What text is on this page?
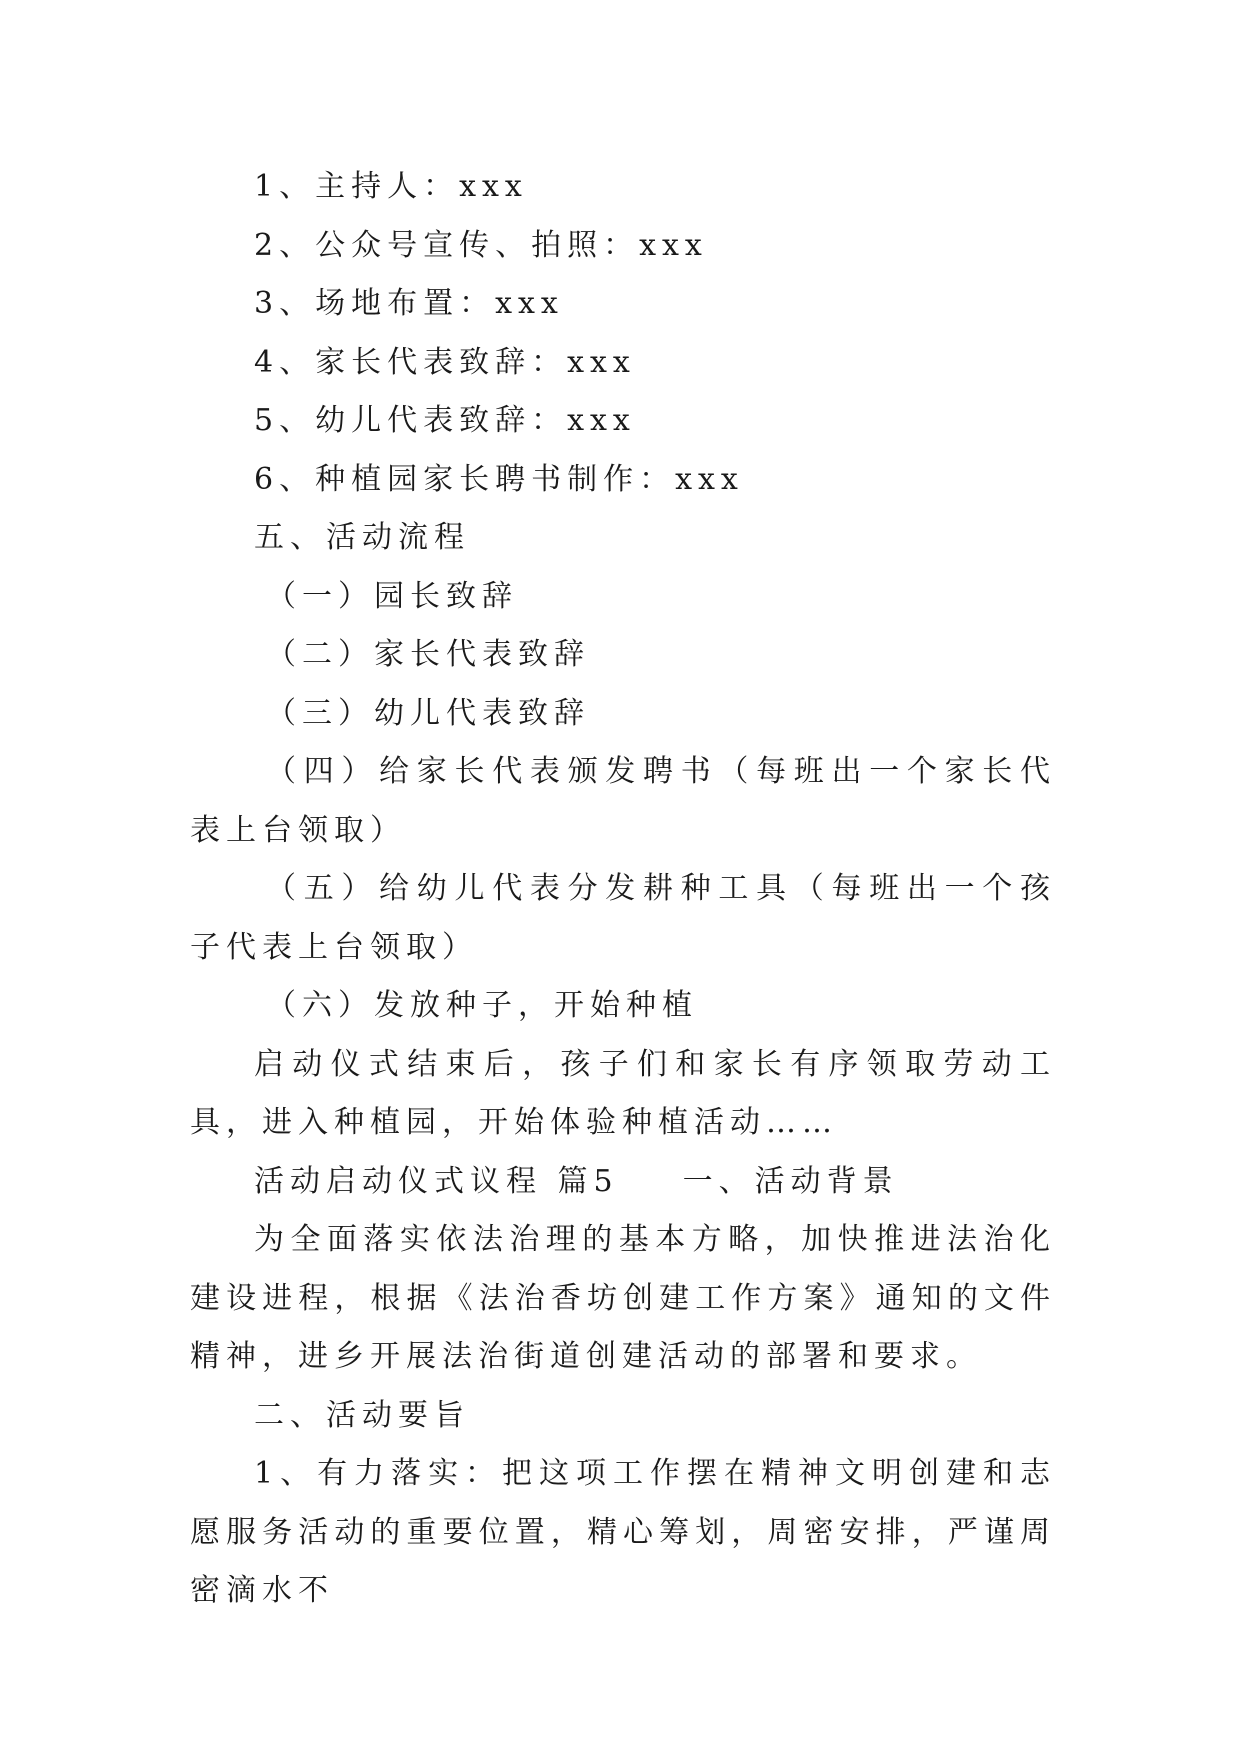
1、主持人：xxx

2、公众号宣传、拍照：xxx

3、场地布置：xxx

4、家长代表致辞：xxx

5、幼儿代表致辞：xxx

6、种植园家长聘书制作：xxx

五、活动流程

（一）园长致辞

（二）家长代表致辞

（三）幼儿代表致辞

（四）给家长代表颁发聘书（每班出一个家长代表上台领取）

（五）给幼儿代表分发耕种工具（每班出一个孩子代表上台领取）

（六）发放种子，开始种植

启动仪式结束后，孩子们和家长有序领取劳动工具，进入种植园，开始体验种植活动……

活动启动仪式议程 篇5 一、活动背景

为全面落实依法治理的基本方略，加快推进法治化建设进程，根据《法治香坊创建工作方案》通知的文件精神，进乡开展法治街道创建活动的部署和要求。

二、活动要旨

1、有力落实：把这项工作摆在精神文明创建和志愿服务活动的重要位置，精心筹划，周密安排，严谨周密滴水不
